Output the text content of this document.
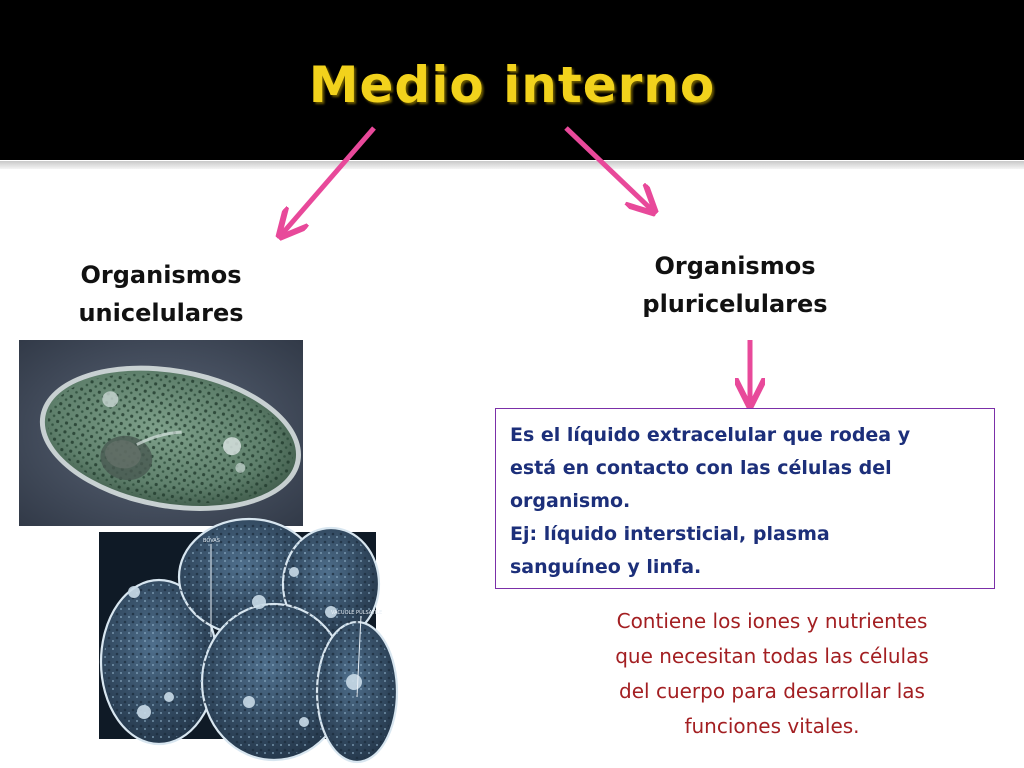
Medio interno
Organismos
unicelulares
Organismos
pluricelulares
BOVAS
VACUOLE PULSATILE
Es el líquido extracelular que rodea y
está en contacto con las células del
organismo.
Ej: líquido intersticial, plasma
sanguíneo y linfa.
Contiene los iones y nutrientes
que necesitan todas las células
del cuerpo para desarrollar las
funciones vitales.
